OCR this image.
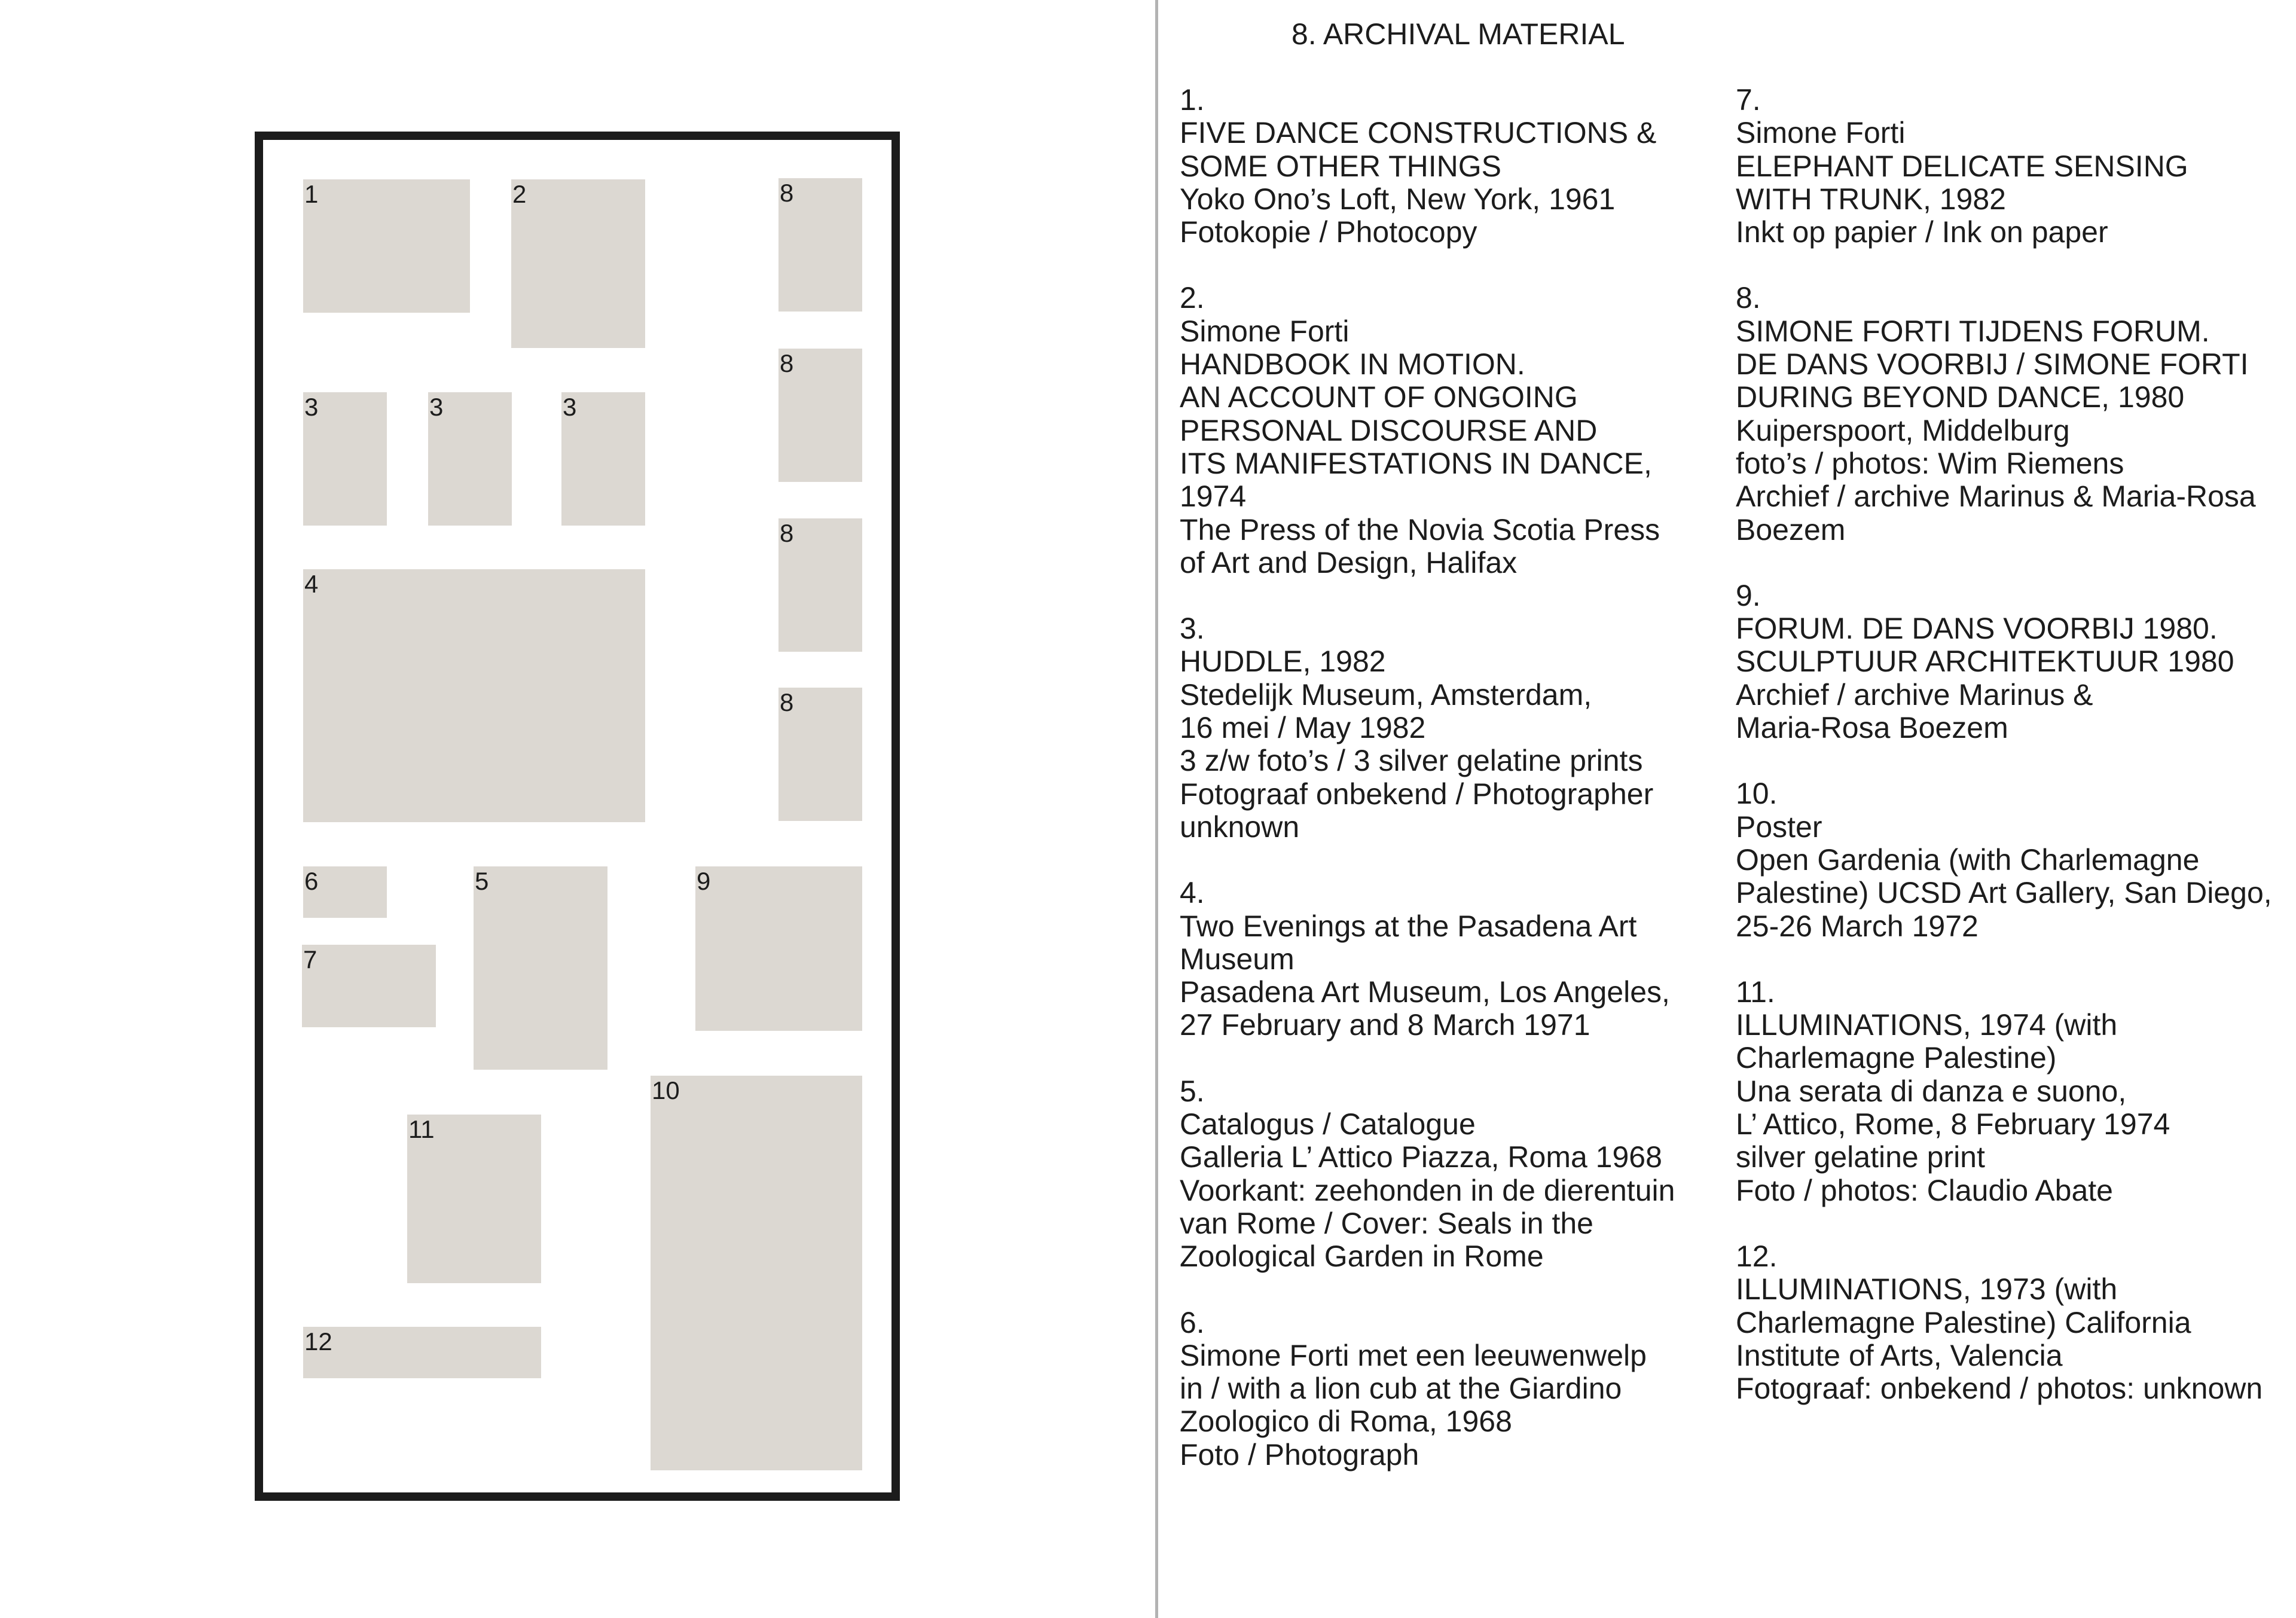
1	2	8
8
3	3	3
8
4
8
6	5	9
7
10
11
12
8. ARCHIVAL MATERIAL
1.
FIVE DANCE CONSTRUCTIONS &
SOME OTHER THINGS
Yoko Ono’s Loft, New York, 1961
Fotokopie / Photocopy
2.
Simone Forti
HANDBOOK IN MOTION.
AN ACCOUNT OF ONGOING
PERSONAL DISCOURSE AND
ITS MANIFESTATIONS IN DANCE,
1974
The Press of the Novia Scotia Press
of Art and Design, Halifax
3.
HUDDLE, 1982
Stedelijk Museum, Amsterdam,
16 mei / May 1982
3 z/w foto’s / 3 silver gelatine prints
Fotograaf onbekend / Photographer
unknown
4.
Two Evenings at the Pasadena Art
Museum
Pasadena Art Museum, Los Angeles,
27 February and 8 March 1971
5.
Catalogus / Catalogue
Galleria L’ Attico Piazza, Roma 1968
Voorkant: zeehonden in de dierentuin
van Rome / Cover: Seals in the
Zoological Garden in Rome
6.
Simone Forti met een leeuwenwelp
in / with a lion cub at the Giardino
Zoologico di Roma, 1968
Foto / Photograph
7.
Simone Forti
ELEPHANT DELICATE SENSING
WITH TRUNK, 1982
Inkt op papier / Ink on paper
8.
SIMONE FORTI TIJDENS FORUM.
DE DANS VOORBIJ / SIMONE FORTI
DURING BEYOND DANCE, 1980
Kuiperspoort, Middelburg
foto’s / photos: Wim Riemens
Archief / archive Marinus & Maria-Rosa
Boezem
9.
FORUM. DE DANS VOORBIJ 1980.
SCULPTUUR ARCHITEKTUUR 1980
Archief / archive Marinus &
Maria-Rosa Boezem
10.
Poster
Open Gardenia (with Charlemagne
Palestine) UCSD Art Gallery, San Diego,
25-26 March 1972
11.
ILLUMINATIONS, 1974 (with
Charlemagne Palestine)
Una serata di danza e suono,
L’ Attico, Rome, 8 February 1974
silver gelatine print
Foto / photos: Claudio Abate
12.
ILLUMINATIONS, 1973 (with
Charlemagne Palestine) California
Institute of Arts, Valencia
Fotograaf: onbekend / photos: unknown
